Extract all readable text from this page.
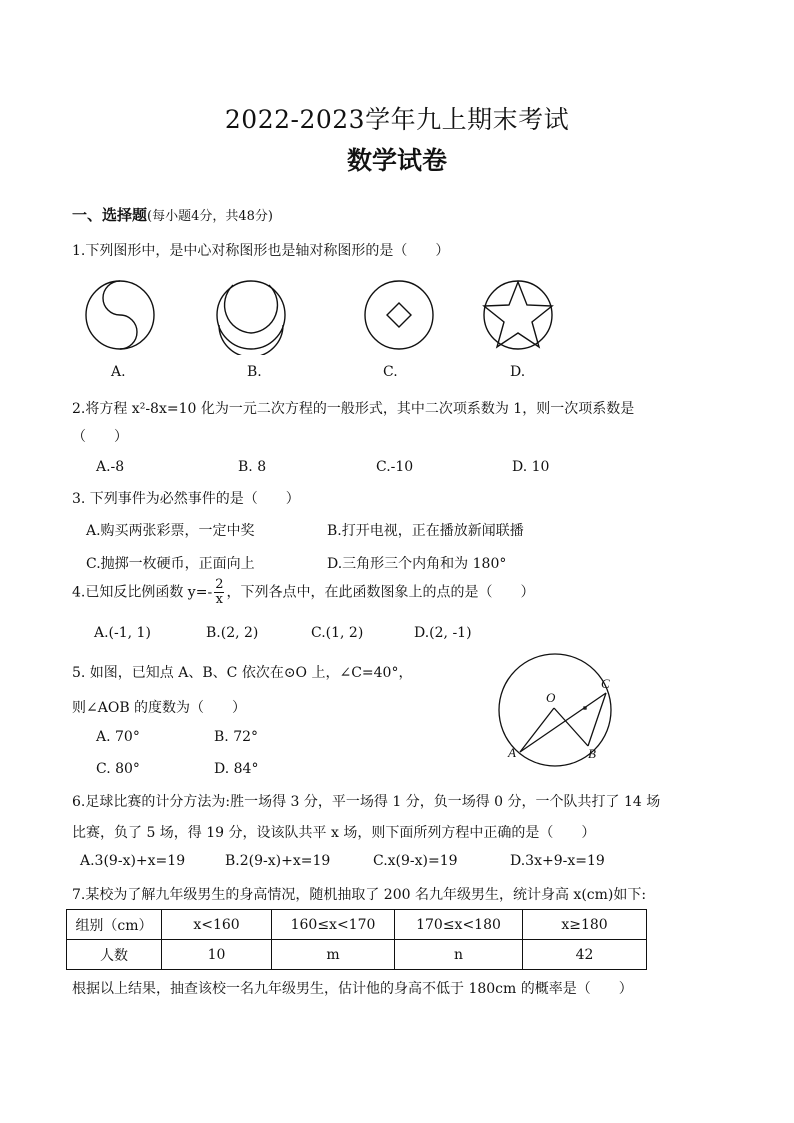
2022-2023学年九上期末考试
数学试卷
一、选择题(每小题4分，共48分)
1.下列图形中，是中心对称图形也是轴对称图形的是（　　）
A.	B.	C.	D.
2.将方程 x²-8x=10 化为一元二次方程的一般形式，其中二次项系数为 1，则一次项系数是
（　　）
A.-8	B. 8	C.-10	D. 10
3. 下列事件为必然事件的是（　　）
A.购买两张彩票，一定中奖	B.打开电视，正在播放新闻联播
C.抛掷一枚硬币，正面向上	D.三角形三个内角和为 180°
4.已知反比例函数 $y=- \frac{2}{x}$ ，下列各点中，在此函数图象上的点的是（　　）
A.(-1, 1)	B.(2, 2)	C.(1, 2)	D.(2, -1)
5. 如图，已知点 A、B、C 依次在⊙O 上，∠C=40°，
则∠AOB 的度数为（　　）
A. 70°	B. 72°
C. 80°	D. 84°
O
A	B
C
6.足球比赛的计分方法为:胜一场得 3 分，平一场得 1 分，负一场得 0 分，一个队共打了 14 场
比赛，负了 5 场，得 19 分，设该队共平 x 场，则下面所列方程中正确的是（　　）
A.3(9-x)+x=19	B.2(9-x)+x=19	C.x(9-x)=19	D.3x+9-x=19
7.某校为了解九年级男生的身高情况，随机抽取了 200 名九年级男生，统计身高 x(cm)如下:
组别（cm）	x<160	160≤x<170	170≤x<180	x≥180
人数	10	m	n	42
根据以上结果，抽查该校一名九年级男生，估计他的身高不低于 180cm 的概率是（　　）
